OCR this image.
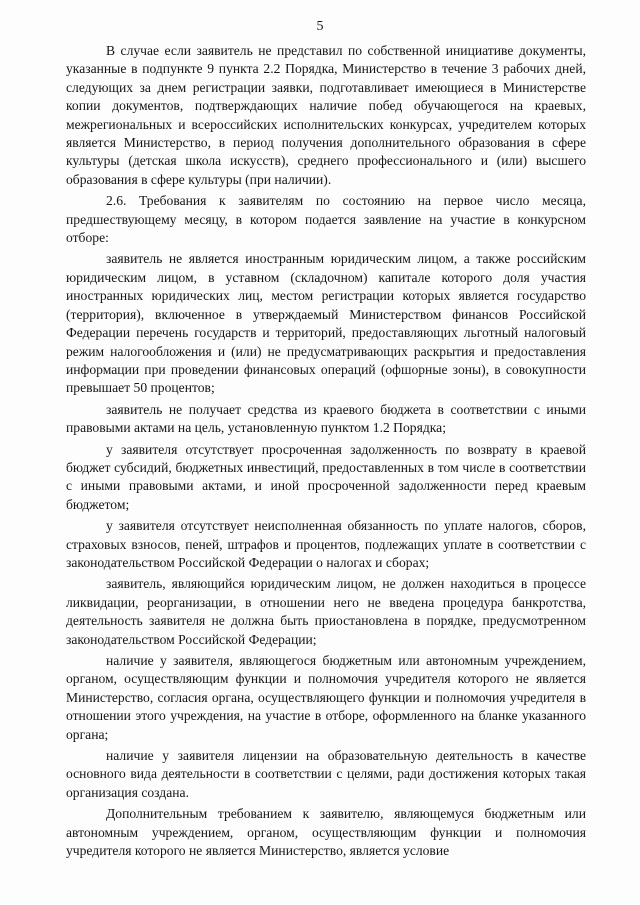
5

В случае если заявитель не представил по собственной инициативе документы, указанные в подпункте 9 пункта 2.2 Порядка, Министерство в течение 3 рабочих дней, следующих за днем регистрации заявки, подготавливает имеющиеся в Министерстве копии документов, подтверждающих наличие побед обучающегося на краевых, межрегиональных и всероссийских исполнительских конкурсах, учредителем которых является Министерство, в период получения дополнительного образования в сфере культуры (детская школа искусств), среднего профессионального и (или) высшего образования в сфере культуры (при наличии).

2.6. Требования к заявителям по состоянию на первое число месяца, предшествующему месяцу, в котором подается заявление на участие в конкурсном отборе:

заявитель не является иностранным юридическим лицом, а также российским юридическим лицом, в уставном (складочном) капитале которого доля участия иностранных юридических лиц, местом регистрации которых является государство (территория), включенное в утверждаемый Министерством финансов Российской Федерации перечень государств и территорий, предоставляющих льготный налоговый режим налогообложения и (или) не предусматривающих раскрытия и предоставления информации при проведении финансовых операций (офшорные зоны), в совокупности превышает 50 процентов;

заявитель не получает средства из краевого бюджета в соответствии с иными правовыми актами на цель, установленную пунктом 1.2 Порядка;

у заявителя отсутствует просроченная задолженность по возврату в краевой бюджет субсидий, бюджетных инвестиций, предоставленных в том числе в соответствии с иными правовыми актами, и иной просроченной задолженности перед краевым бюджетом;

у заявителя отсутствует неисполненная обязанность по уплате налогов, сборов, страховых взносов, пеней, штрафов и процентов, подлежащих уплате в соответствии с законодательством Российской Федерации о налогах и сборах;

заявитель, являющийся юридическим лицом, не должен находиться в процессе ликвидации, реорганизации, в отношении него не введена процедура банкротства, деятельность заявителя не должна быть приостановлена в порядке, предусмотренном законодательством Российской Федерации;

наличие у заявителя, являющегося бюджетным или автономным учреждением, органом, осуществляющим функции и полномочия учредителя которого не является Министерство, согласия органа, осуществляющего функции и полномочия учредителя в отношении этого учреждения, на участие в отборе, оформленного на бланке указанного органа;

наличие у заявителя лицензии на образовательную деятельность в качестве основного вида деятельности в соответствии с целями, ради достижения которых такая организация создана.

Дополнительным требованием к заявителю, являющемуся бюджетным или автономным учреждением, органом, осуществляющим функции и полномочия учредителя которого не является Министерство, является условие
